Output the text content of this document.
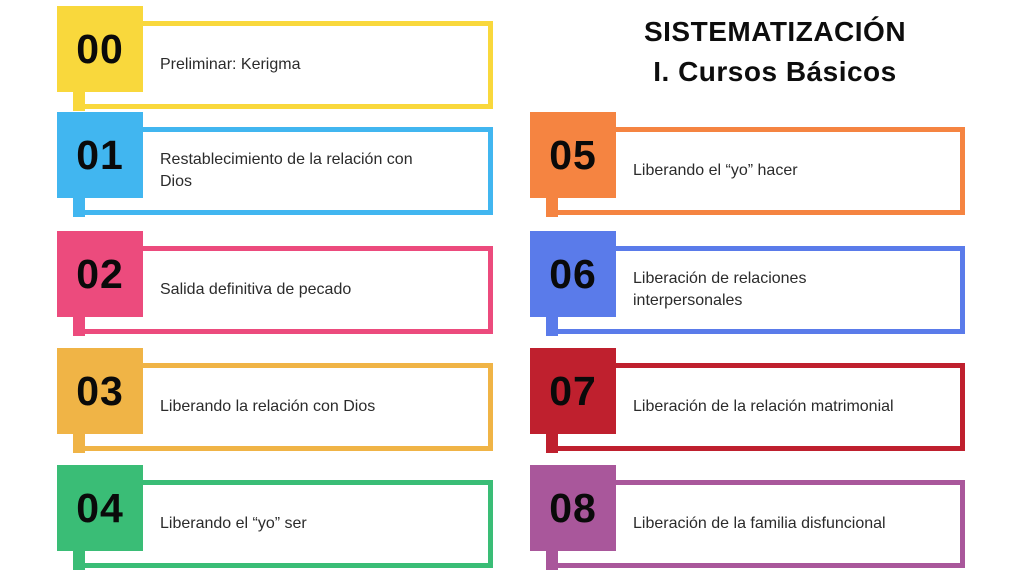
SISTEMATIZACIÓN
I. Cursos Básicos
Preliminar: Kerigma
00
Restablecimiento de la relación con Dios
01
Salida definitiva de pecado
02
Liberando la relación con Dios
03
Liberando el “yo” ser
04
Liberando el “yo” hacer
05
Liberación de relaciones interpersonales
06
Liberación de la relación matrimonial
07
Liberación de la familia disfuncional
08
